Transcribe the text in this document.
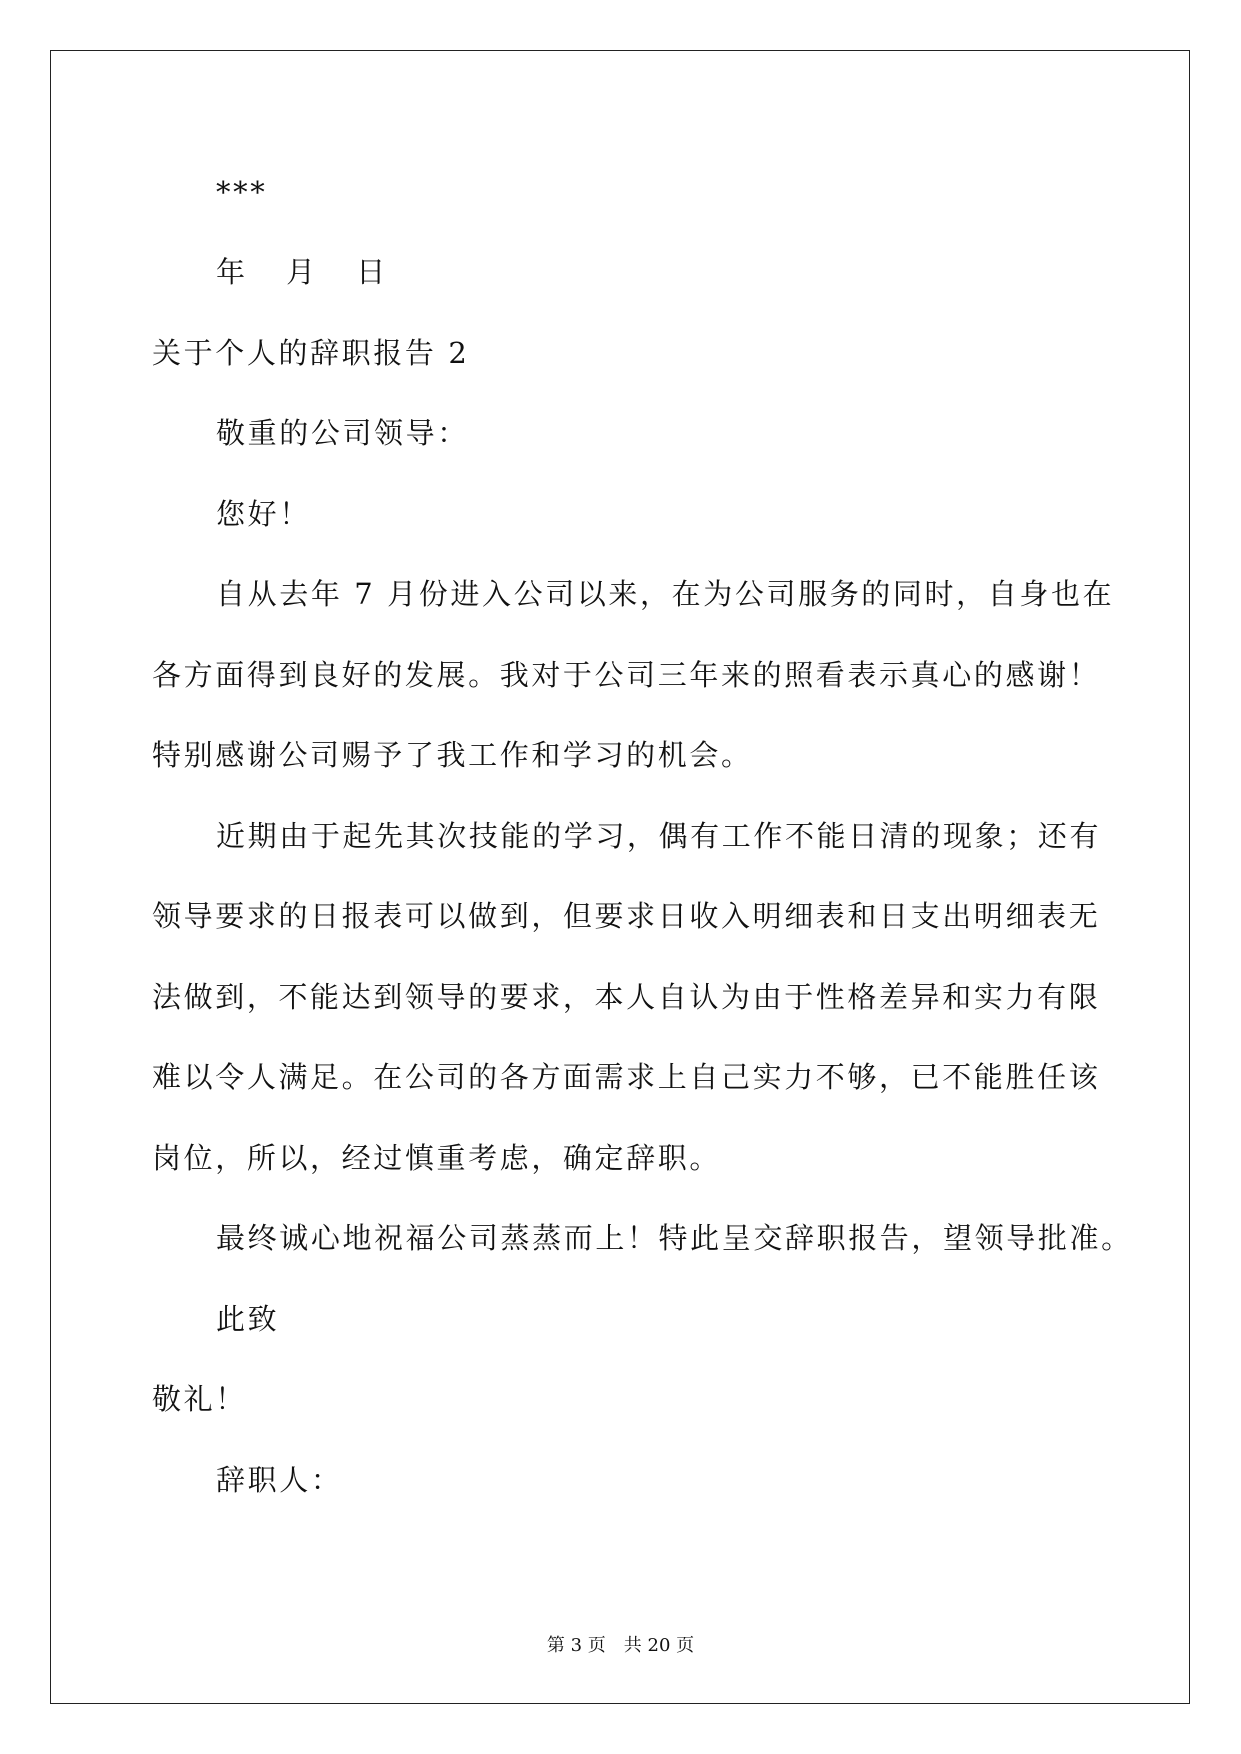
***
年 月 日
关于个人的辞职报告 2
敬重的公司领导：
您好！
自从去年 7 月份进入公司以来，在为公司服务的同时，自身也在
各方面得到良好的发展。我对于公司三年来的照看表示真心的感谢！
特别感谢公司赐予了我工作和学习的机会。
近期由于起先其次技能的学习，偶有工作不能日清的现象；还有
领导要求的日报表可以做到，但要求日收入明细表和日支出明细表无
法做到，不能达到领导的要求，本人自认为由于性格差异和实力有限
难以令人满足。在公司的各方面需求上自己实力不够，已不能胜任该
岗位，所以，经过慎重考虑，确定辞职。
最终诚心地祝福公司蒸蒸而上！特此呈交辞职报告，望领导批准。
此致
敬礼！
辞职人：
第 3 页　共 20 页
